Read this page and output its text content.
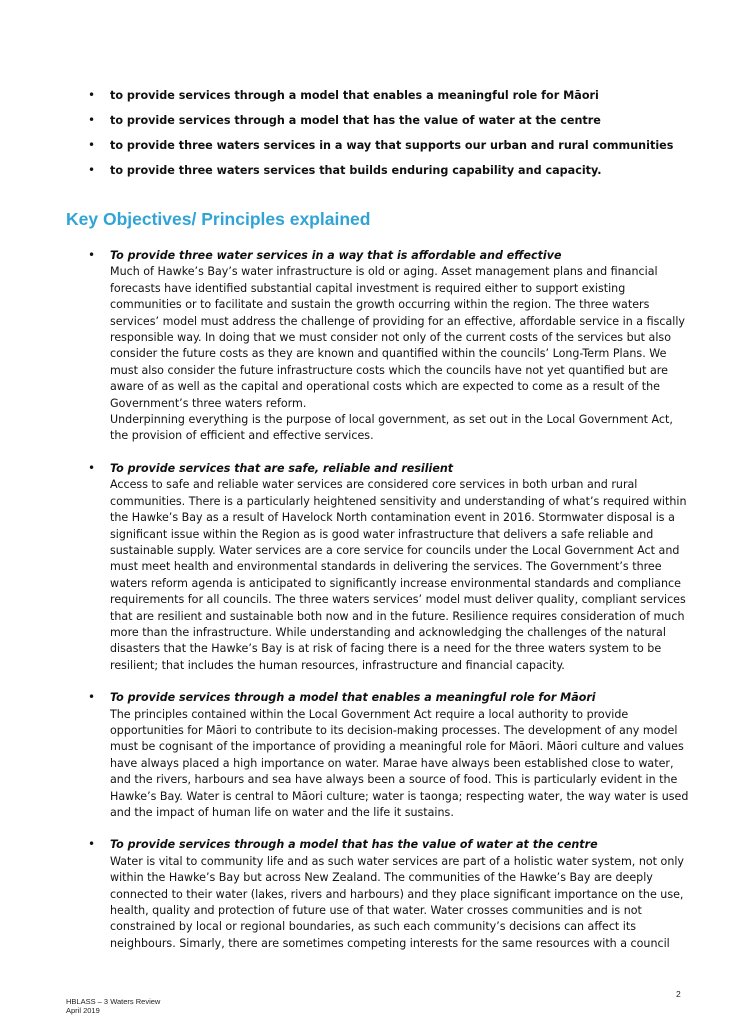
•	to provide services through a model that enables a meaningful role for Māori
•	to provide services through a model that has the value of water at the centre
•	to provide three waters services in a way that supports our urban and rural communities
•	to provide three waters services that builds enduring capability and capacity.
Key Objectives/ Principles explained
•	To provide three water services in a way that is affordable and effective

Much of Hawke’s Bay’s water infrastructure is old or aging. Asset management plans and financial forecasts have identified substantial capital investment is required either to support existing communities or to facilitate and sustain the growth occurring within the region. The three waters services’ model must address the challenge of providing for an effective, affordable service in a fiscally responsible way. In doing that we must consider not only of the current costs of the services but also consider the future costs as they are known and quantified within the councils’ Long-Term Plans. We must also consider the future infrastructure costs which the councils have not yet quantified but are aware of as well as the capital and operational costs which are expected to come as a result of the Government’s three waters reform.

Underpinning everything is the purpose of local government, as set out in the Local Government Act, the provision of efficient and effective services.

•	To provide services that are safe, reliable and resilient

Access to safe and reliable water services are considered core services in both urban and rural communities. There is a particularly heightened sensitivity and understanding of what’s required within the Hawke’s Bay as a result of Havelock North contamination event in 2016. Stormwater disposal is a significant issue within the Region as is good water infrastructure that delivers a safe reliable and sustainable supply. Water services are a core service for councils under the Local Government Act and must meet health and environmental standards in delivering the services. The Government’s three waters reform agenda is anticipated to significantly increase environmental standards and compliance requirements for all councils. The three waters services’ model must deliver quality, compliant services that are resilient and sustainable both now and in the future. Resilience requires consideration of much more than the infrastructure. While understanding and acknowledging the challenges of the natural disasters that the Hawke’s Bay is at risk of facing there is a need for the three waters system to be resilient; that includes the human resources, infrastructure and financial capacity.

•	To provide services through a model that enables a meaningful role for Māori

The principles contained within the Local Government Act require a local authority to provide opportunities for Māori to contribute to its decision-making processes. The development of any model must be cognisant of the importance of providing a meaningful role for Māori. Māori culture and values have always placed a high importance on water. Marae have always been established close to water, and the rivers, harbours and sea have always been a source of food. This is particularly evident in the Hawke’s Bay. Water is central to Māori culture; water is taonga; respecting water, the way water is used and the impact of human life on water and the life it sustains.

•	To provide services through a model that has the value of water at the centre

Water is vital to community life and as such water services are part of a holistic water system, not only within the Hawke’s Bay but across New Zealand. The communities of the Hawke’s Bay are deeply connected to their water (lakes, rivers and harbours) and they place significant importance on the use, health, quality and protection of future use of that water. Water crosses communities and is not constrained by local or regional boundaries, as such each community’s decisions can affect its neighbours. Simarly, there are sometimes competing interests for the same resources with a council

2
HBLASS – 3 Waters Review
April 2019
